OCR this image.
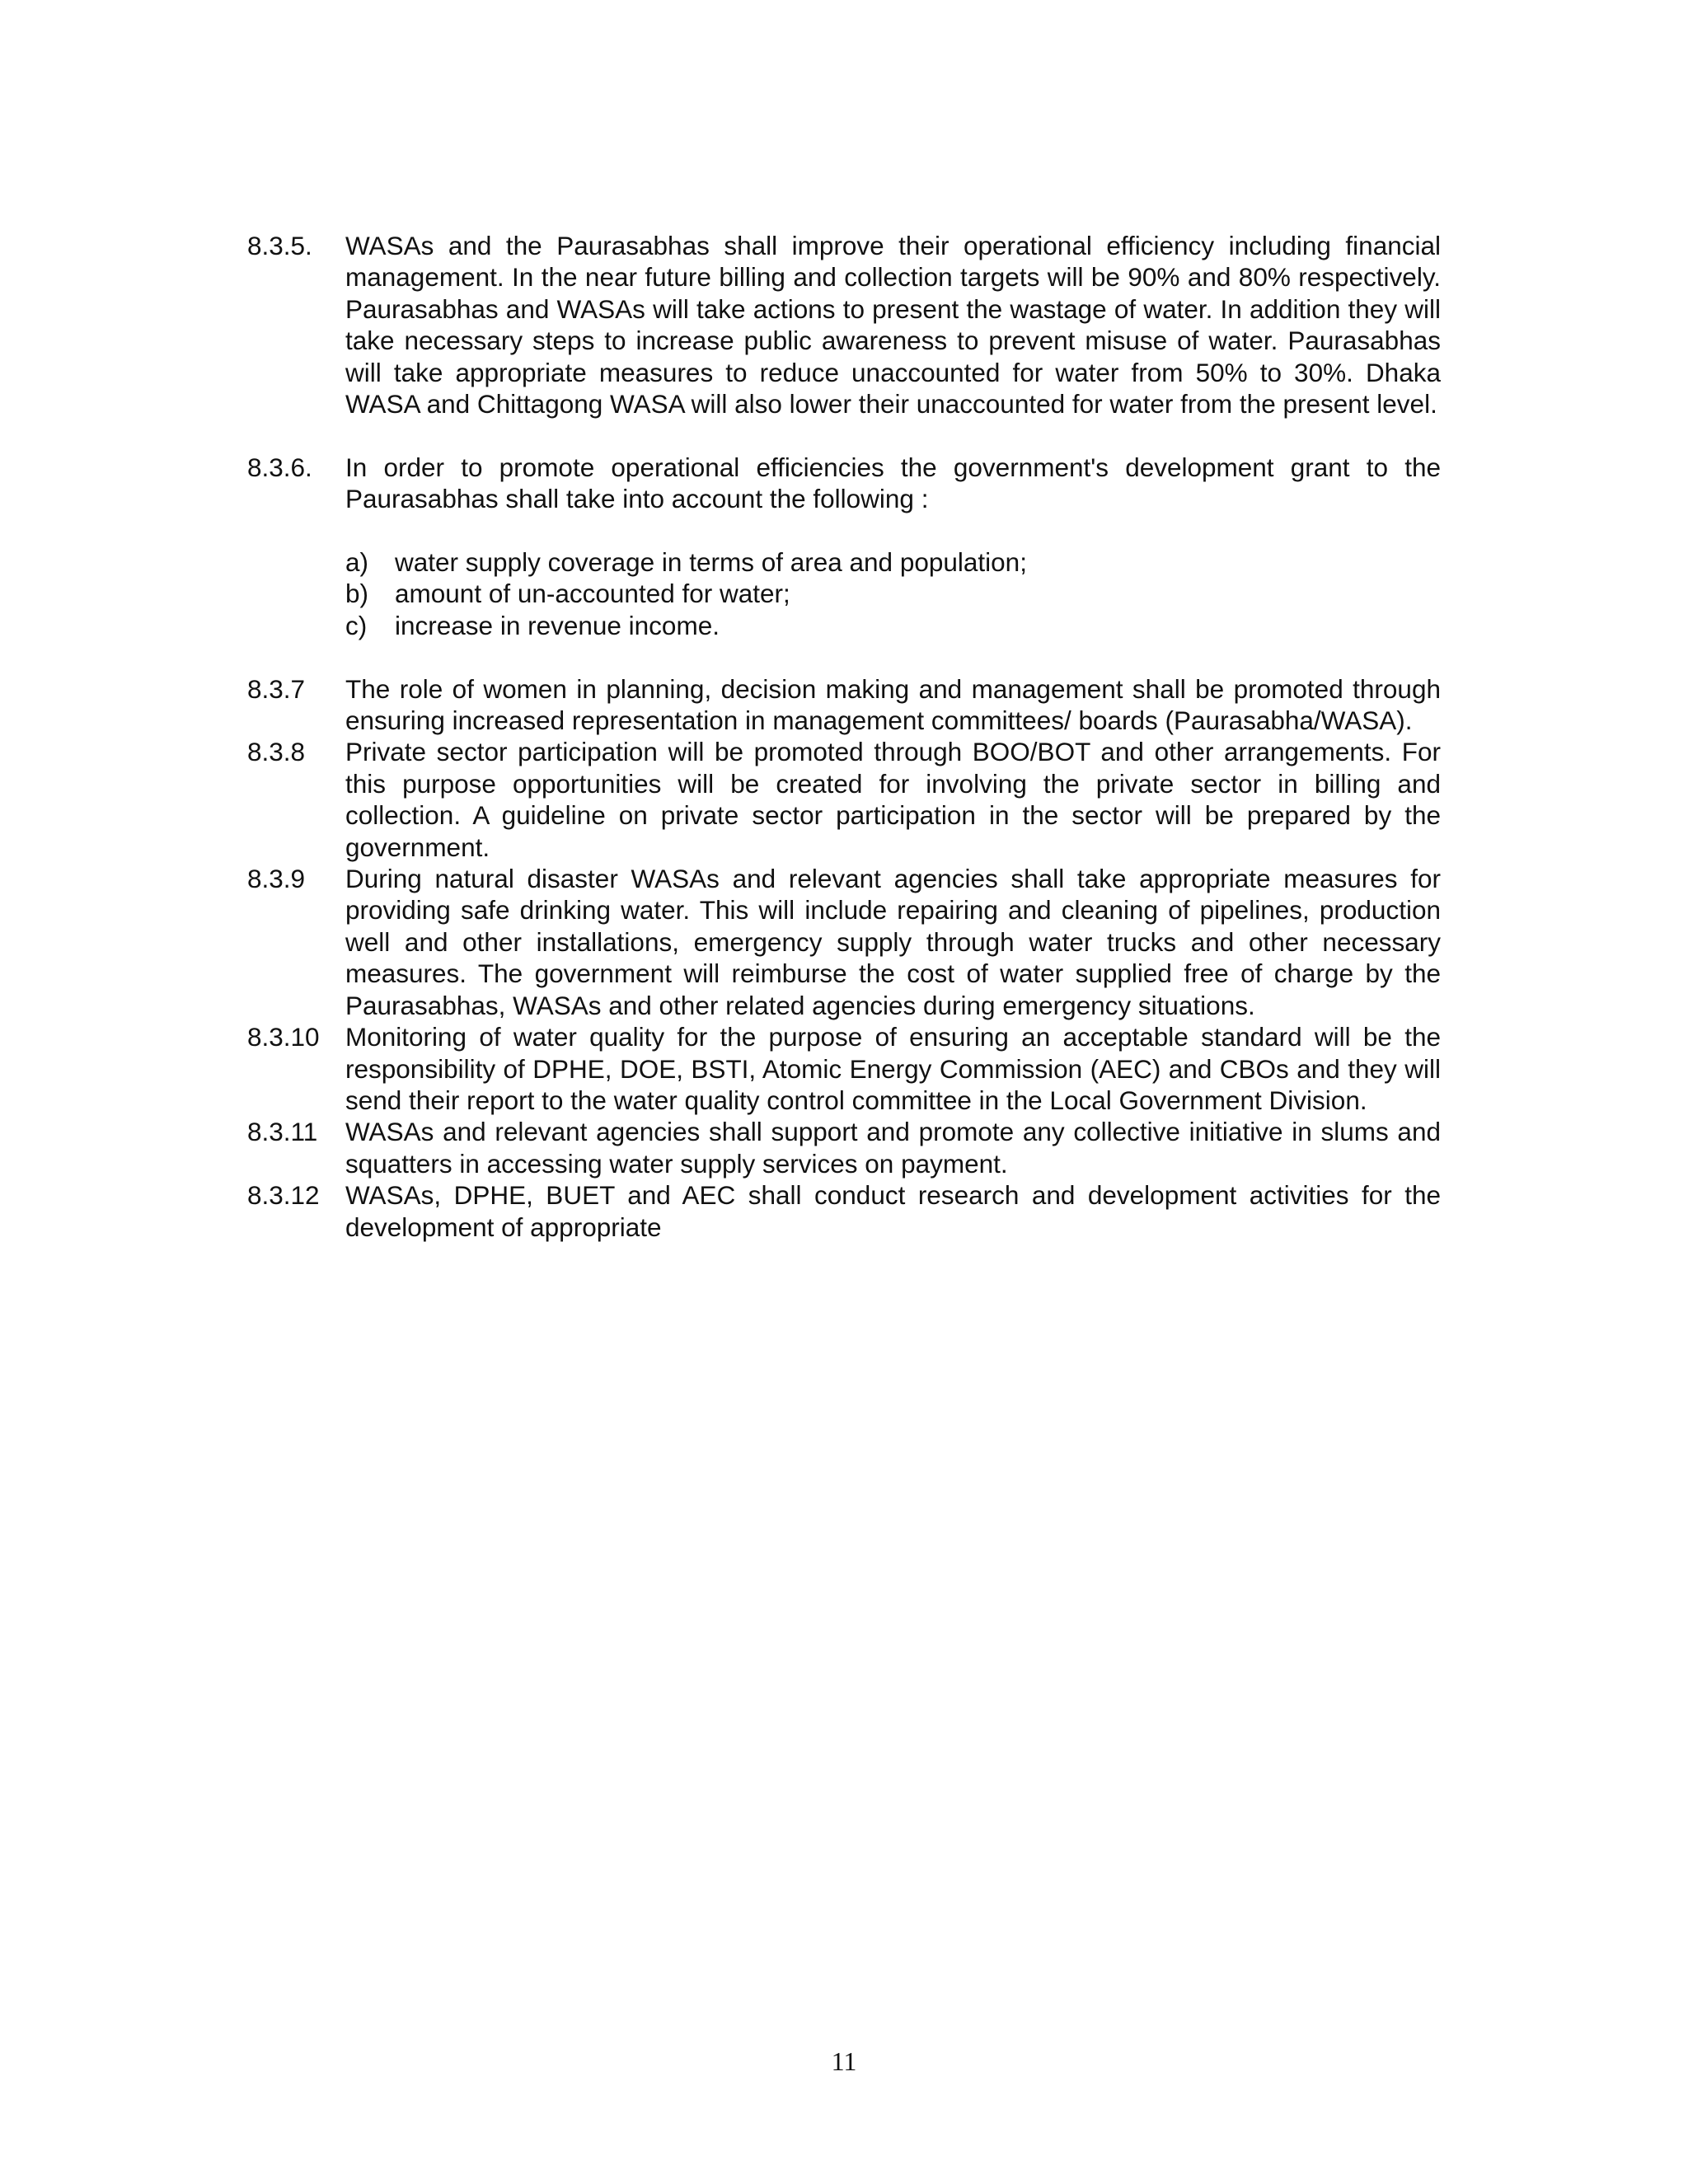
8.3.5.	WASAs and the Paurasabhas shall improve their operational efficiency including financial management. In the near future billing and collection targets will be 90% and 80% respectively. Paurasabhas and WASAs will take actions to present the wastage of water. In addition they will take necessary steps to increase public awareness to prevent misuse of water. Paurasabhas will take appropriate measures to reduce unaccounted for water from 50% to 30%. Dhaka WASA and Chittagong WASA will also lower their unaccounted for water from the present level.
8.3.6.	In order to promote operational efficiencies the government's development grant to the Paurasabhas shall take into account the following :
a)	water supply coverage in terms of area and population;
b)	amount of un-accounted for water;
c)	increase in revenue income.
8.3.7	The role of women in planning, decision making and management shall be promoted through ensuring increased representation in management committees/ boards (Paurasabha/WASA).
8.3.8	Private sector participation will be promoted through BOO/BOT and other arrangements. For this purpose opportunities will be created for involving the private sector in billing and collection. A guideline on private sector participation in the sector will be prepared by the government.
8.3.9	During natural disaster WASAs and relevant agencies shall take appropriate measures for providing safe drinking water. This will include repairing and cleaning of pipelines, production well and other installations, emergency supply through water trucks and other necessary measures. The government will reimburse the cost of water supplied free of charge by the Paurasabhas, WASAs and other related agencies during emergency situations.
8.3.10 Monitoring of water quality for the purpose of ensuring an acceptable standard will be the responsibility of DPHE, DOE, BSTI, Atomic Energy Commission (AEC) and CBOs and they will send their report to the water quality control committee in the Local Government Division.
8.3.11	WASAs and relevant agencies shall support and promote any collective initiative in slums and squatters in accessing water supply services on payment.
8.3.12 WASAs, DPHE, BUET and AEC shall conduct research and development activities for the development of appropriate
11
